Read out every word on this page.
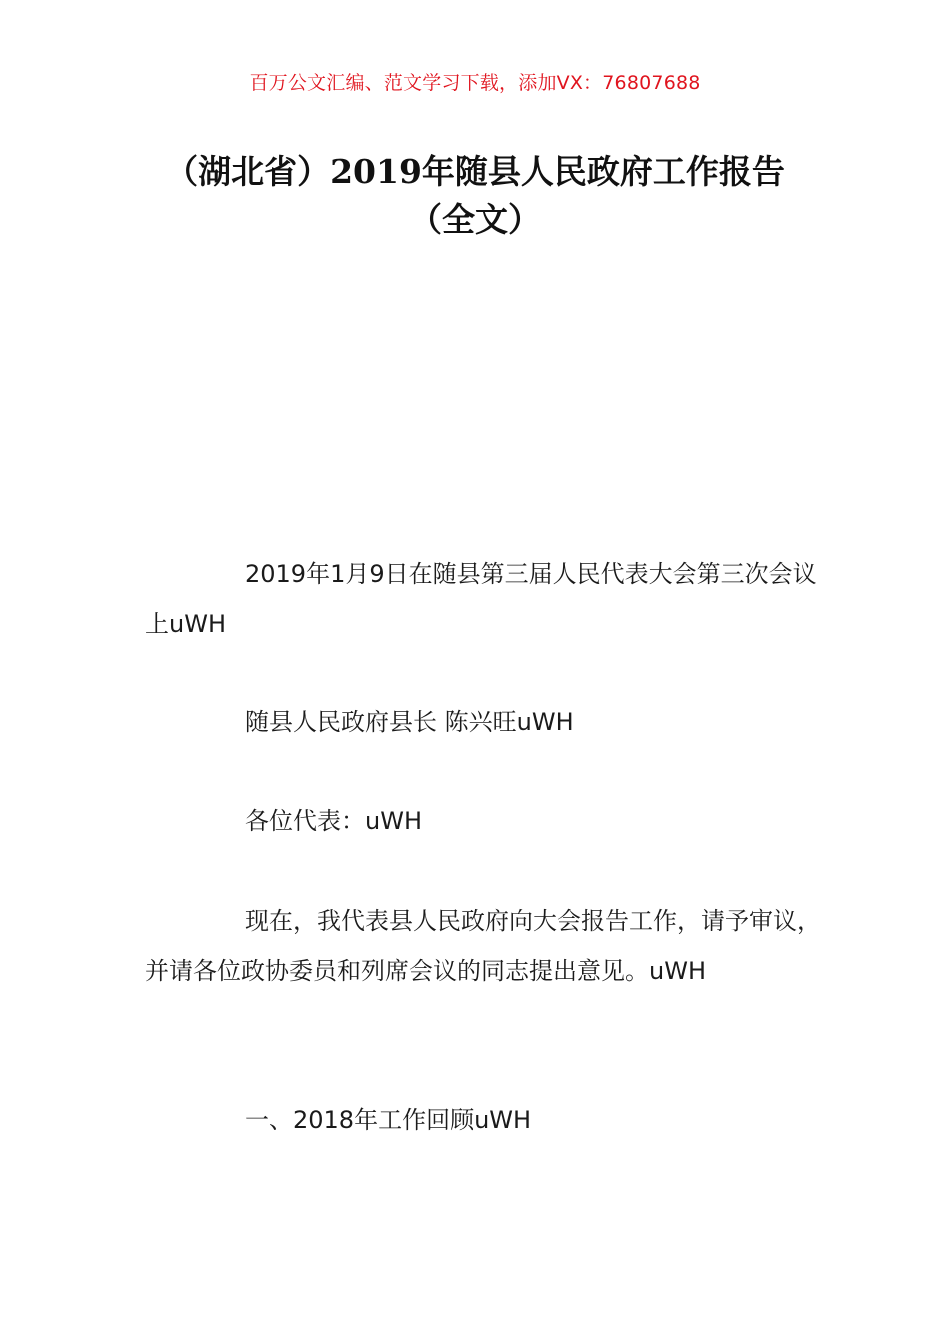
百万公文汇编、范文学习下载，添加VX：76807688
（湖北省）2019年随县人民政府工作报告
（全文）

2019年1月9日在随县第三届人民代表大会第三次会议上uWH

随县人民政府县长 陈兴旺uWH

各位代表：uWH

现在，我代表县人民政府向大会报告工作，请予审议，并请各位政协委员和列席会议的同志提出意见。uWH

一、2018年工作回顾uWH
